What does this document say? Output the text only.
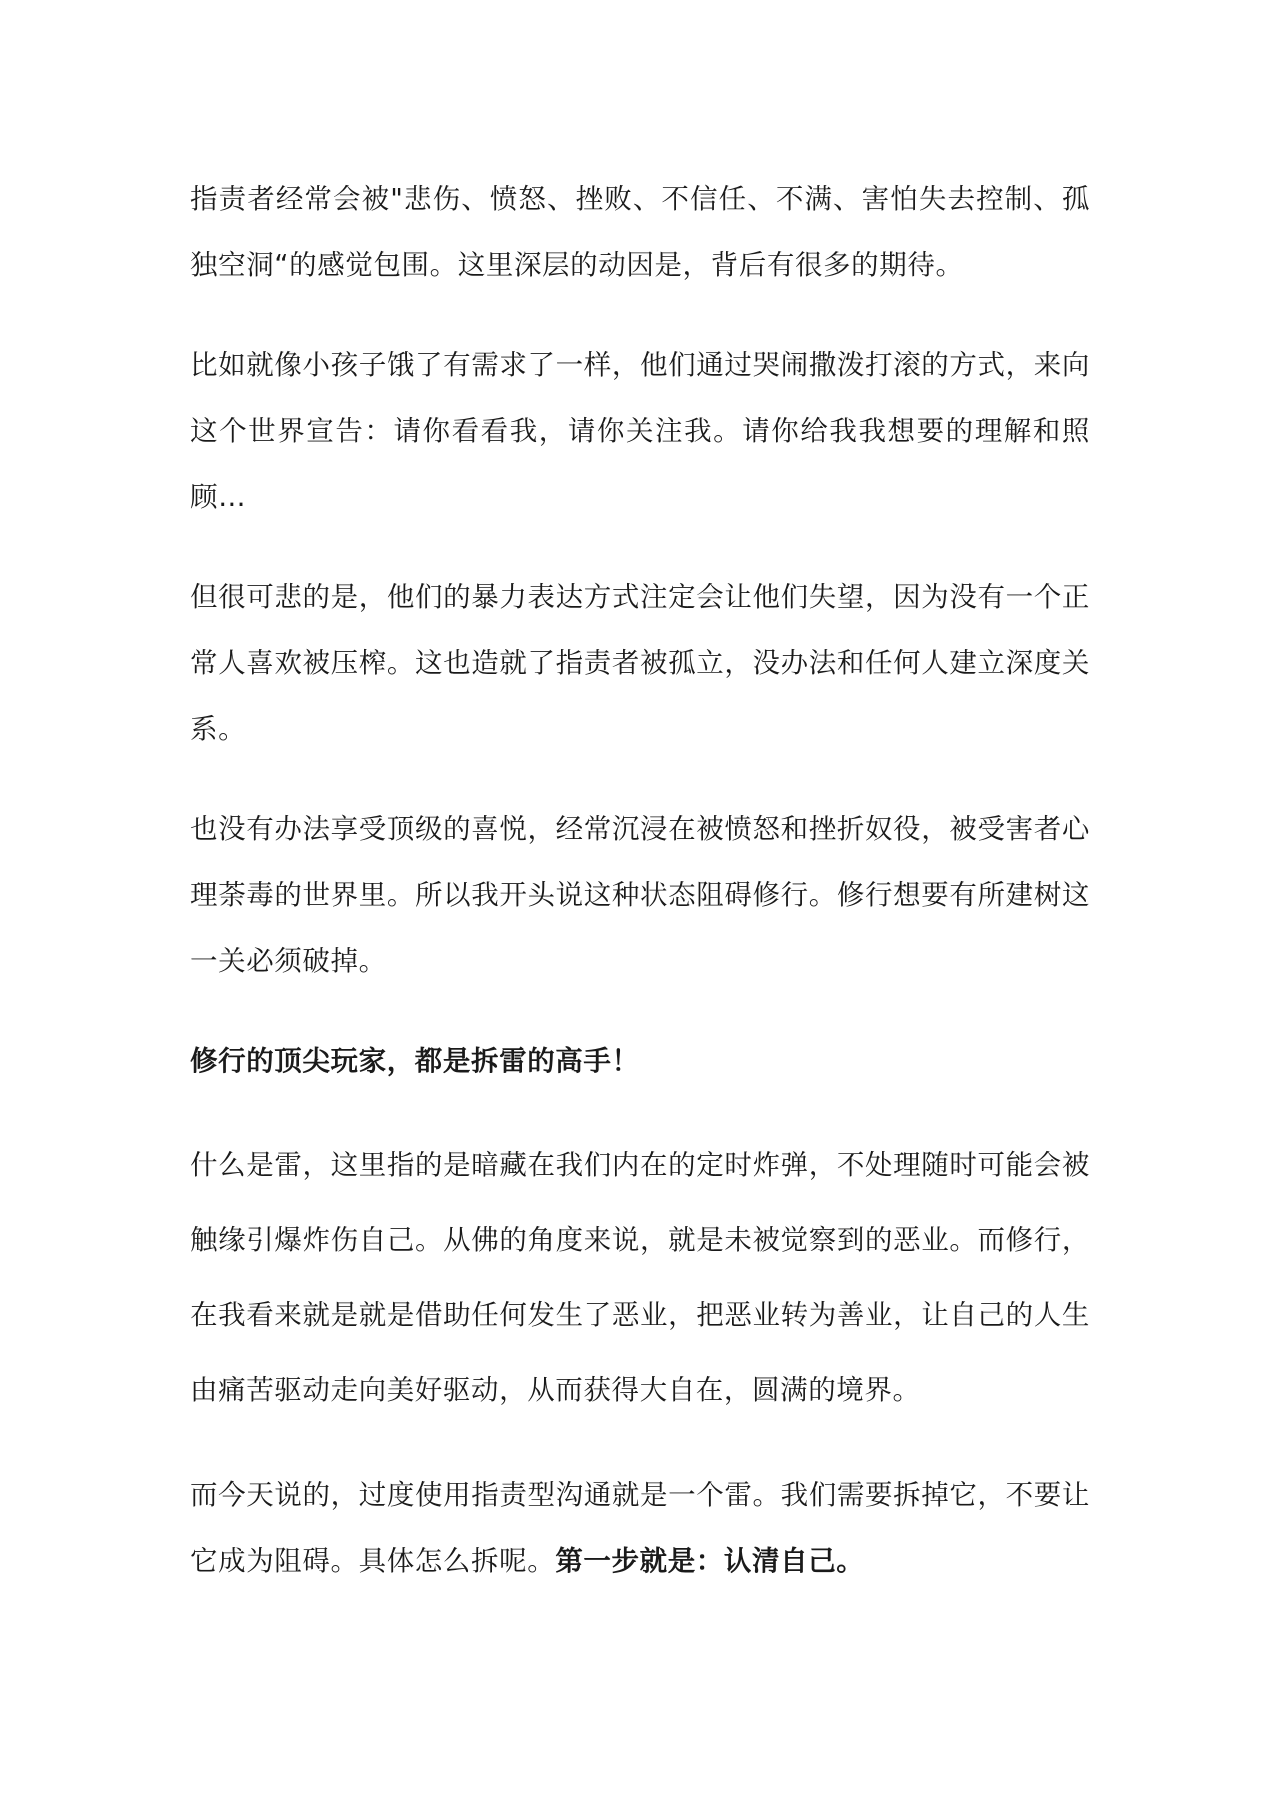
指责者经常会被"悲伤、愤怒、挫败、不信任、不满、害怕失去控制、孤独空洞“的感觉包围。这里深层的动因是，背后有很多的期待。

比如就像小孩子饿了有需求了一样，他们通过哭闹撒泼打滚的方式，来向这个世界宣告：请你看看我，请你关注我。请你给我我想要的理解和照顾…

但很可悲的是，他们的暴力表达方式注定会让他们失望，因为没有一个正常人喜欢被压榨。这也造就了指责者被孤立，没办法和任何人建立深度关系。

也没有办法享受顶级的喜悦，经常沉浸在被愤怒和挫折奴役，被受害者心理荼毒的世界里。所以我开头说这种状态阻碍修行。修行想要有所建树这一关必须破掉。

修行的顶尖玩家，都是拆雷的高手！

什么是雷，这里指的是暗藏在我们内在的定时炸弹，不处理随时可能会被触缘引爆炸伤自己。从佛的角度来说，就是未被觉察到的恶业。而修行，在我看来就是就是借助任何发生了恶业，把恶业转为善业，让自己的人生由痛苦驱动走向美好驱动，从而获得大自在，圆满的境界。

而今天说的，过度使用指责型沟通就是一个雷。我们需要拆掉它，不要让它成为阻碍。具体怎么拆呢。第一步就是：认清自己。
